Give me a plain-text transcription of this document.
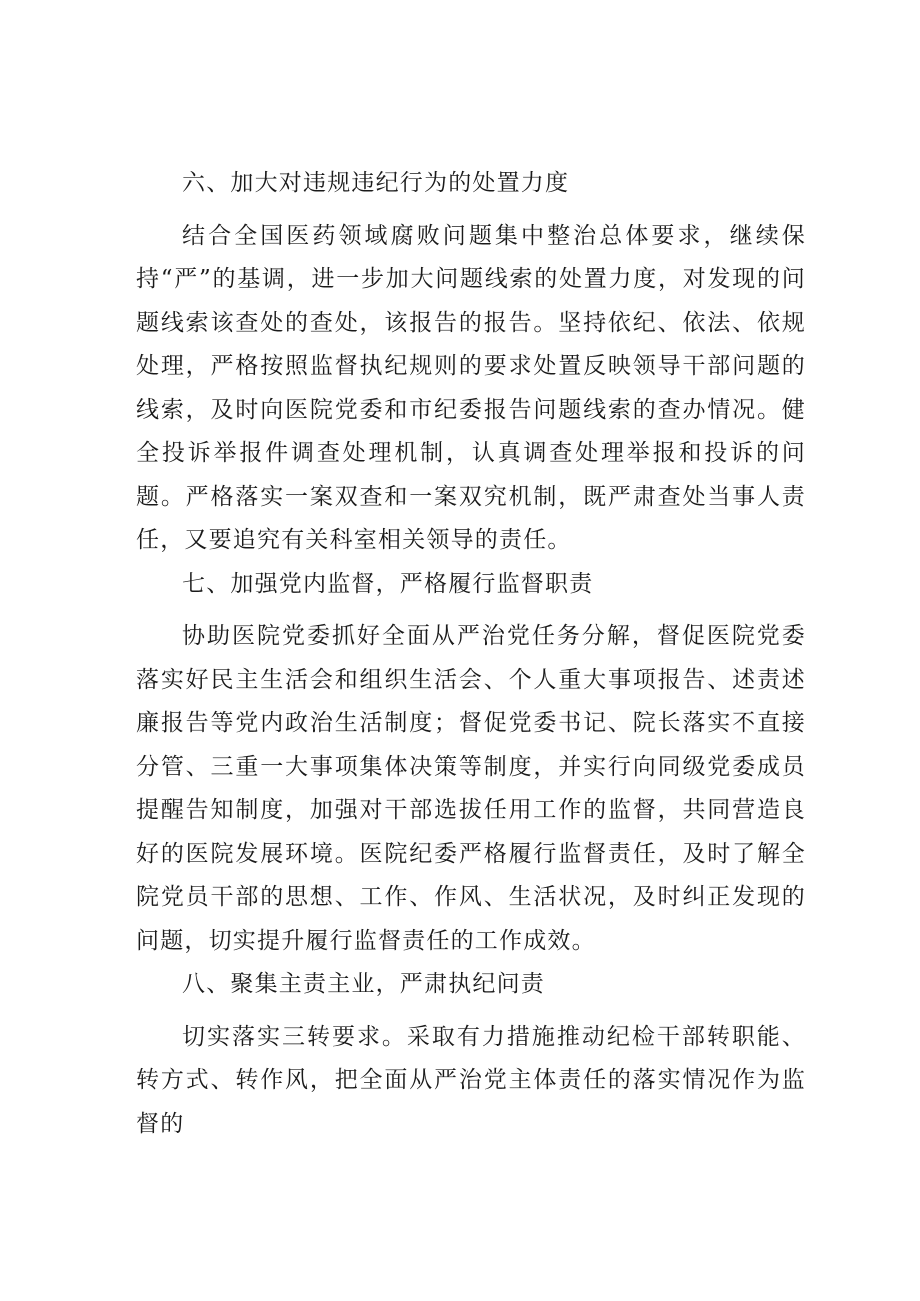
六、加大对违规违纪行为的处置力度

结合全国医药领域腐败问题集中整治总体要求，继续保持“严”的基调，进一步加大问题线索的处置力度，对发现的问题线索该查处的查处，该报告的报告。坚持依纪、依法、依规处理，严格按照监督执纪规则的要求处置反映领导干部问题的线索，及时向医院党委和市纪委报告问题线索的查办情况。健全投诉举报件调查处理机制，认真调查处理举报和投诉的问题。严格落实一案双查和一案双究机制，既严肃查处当事人责任，又要追究有关科室相关领导的责任。

七、加强党内监督，严格履行监督职责

协助医院党委抓好全面从严治党任务分解，督促医院党委落实好民主生活会和组织生活会、个人重大事项报告、述责述廉报告等党内政治生活制度；督促党委书记、院长落实不直接分管、三重一大事项集体决策等制度，并实行向同级党委成员提醒告知制度，加强对干部选拔任用工作的监督，共同营造良好的医院发展环境。医院纪委严格履行监督责任，及时了解全院党员干部的思想、工作、作风、生活状况，及时纠正发现的问题，切实提升履行监督责任的工作成效。

八、聚集主责主业，严肃执纪问责

切实落实三转要求。采取有力措施推动纪检干部转职能、转方式、转作风，把全面从严治党主体责任的落实情况作为监督的
